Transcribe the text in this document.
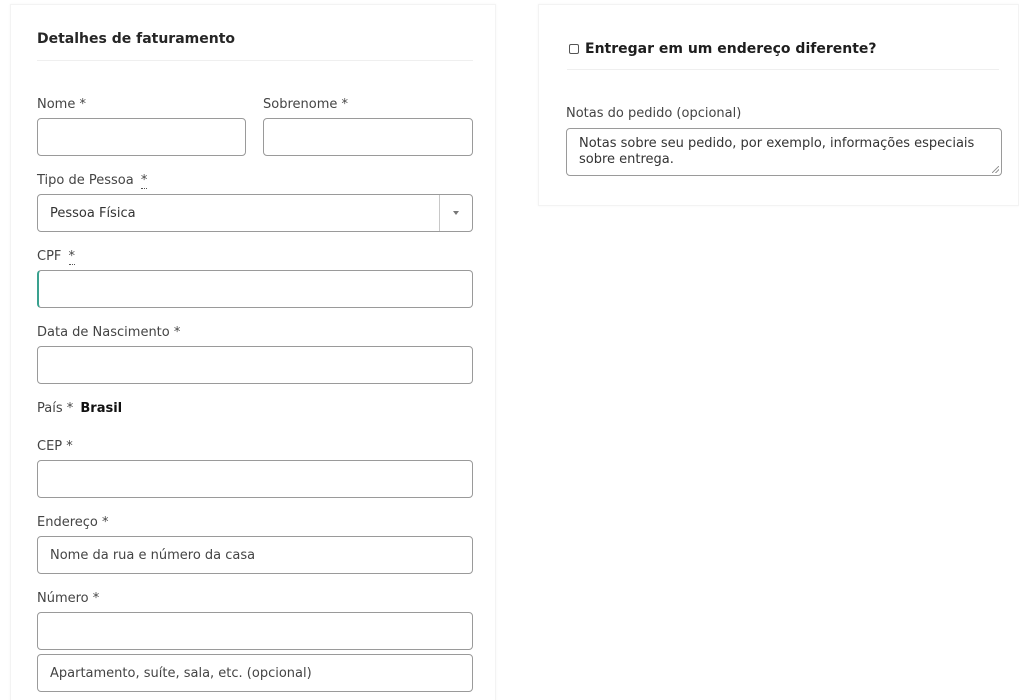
Detalhes de faturamento
Nome *	Sobrenome *
Tipo de Pessoa *
Pessoa Física
CPF *
Data de Nascimento *
País * Brasil
CEP *
Endereço *
Nome da rua e número da casa
Número *
Apartamento, suíte, sala, etc. (opcional)
Entregar em um endereço diferente?
Notas do pedido (opcional)
Notas sobre seu pedido, por exemplo, informações especiais sobre entrega.
